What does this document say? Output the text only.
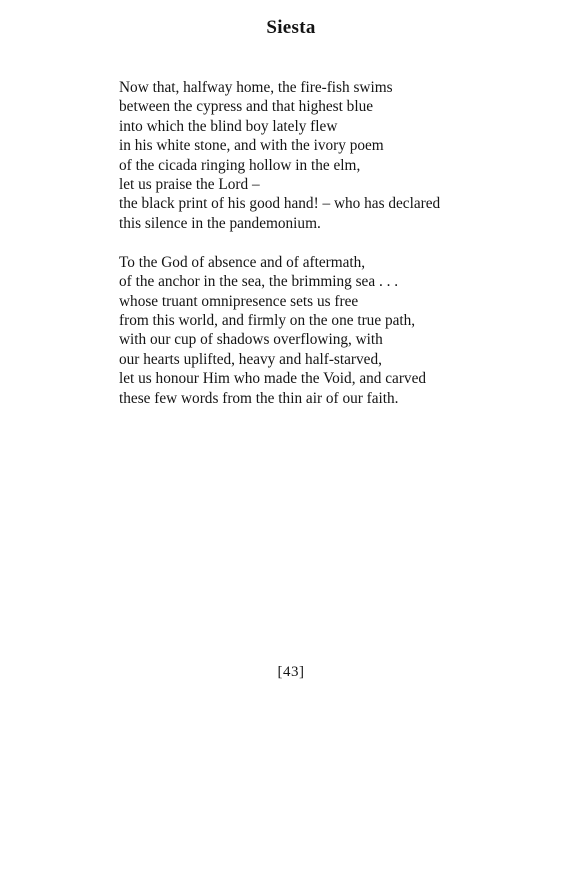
Siesta
Now that, halfway home, the fire-fish swims
between the cypress and that highest blue
into which the blind boy lately flew
in his white stone, and with the ivory poem
of the cicada ringing hollow in the elm,
let us praise the Lord –
the black print of his good hand! – who has declared
this silence in the pandemonium.
To the God of absence and of aftermath,
of the anchor in the sea, the brimming sea . . .
whose truant omnipresence sets us free
from this world, and firmly on the one true path,
with our cup of shadows overflowing, with
our hearts uplifted, heavy and half-starved,
let us honour Him who made the Void, and carved
these few words from the thin air of our faith.
[43]
